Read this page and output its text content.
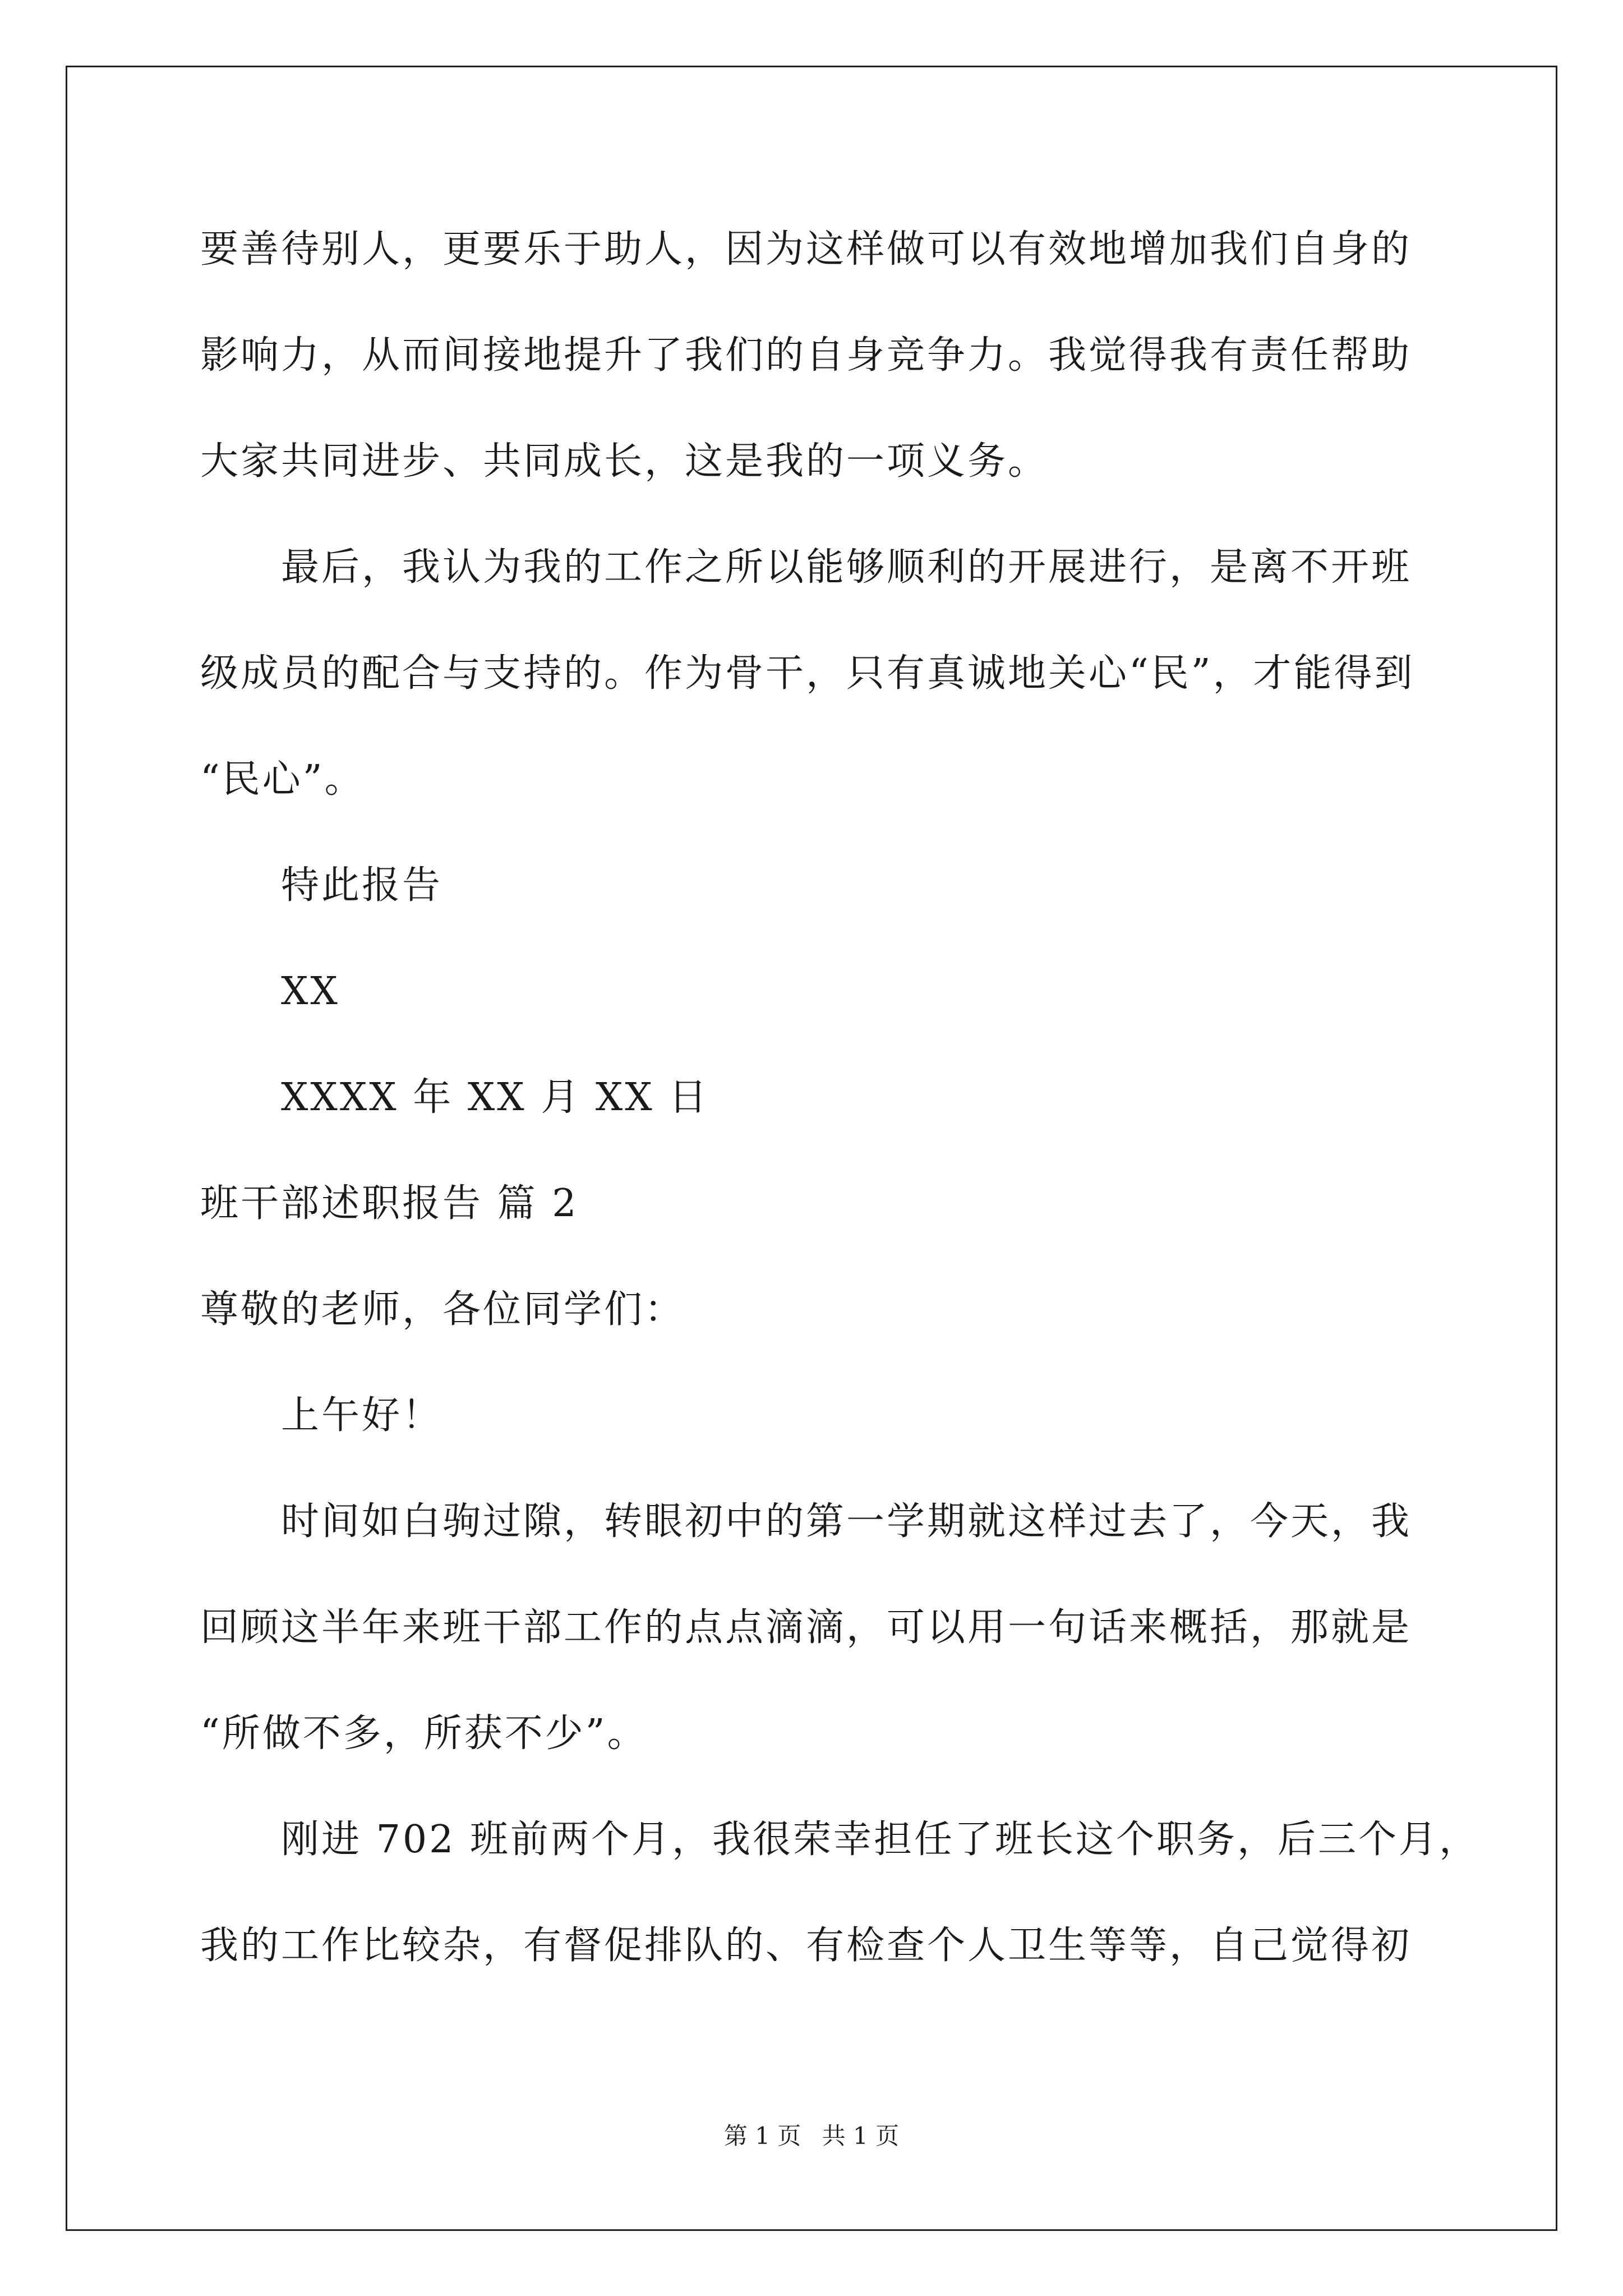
要善待别人，更要乐于助人，因为这样做可以有效地增加我们自身的
影响力，从而间接地提升了我们的自身竞争力。我觉得我有责任帮助
大家共同进步、共同成长，这是我的一项义务。
最后，我认为我的工作之所以能够顺利的开展进行，是离不开班
级成员的配合与支持的。作为骨干，只有真诚地关心“民”，才能得到
“民心”。
特此报告
XX
XXXX 年 XX 月 XX 日
班干部述职报告 篇 2
尊敬的老师，各位同学们：
上午好！
时间如白驹过隙，转眼初中的第一学期就这样过去了，今天，我
回顾这半年来班干部工作的点点滴滴，可以用一句话来概括，那就是
“所做不多，所获不少”。
刚进 702 班前两个月，我很荣幸担任了班长这个职务，后三个月，
我的工作比较杂，有督促排队的、有检查个人卫生等等，自己觉得初
第 1 页 共 1 页
